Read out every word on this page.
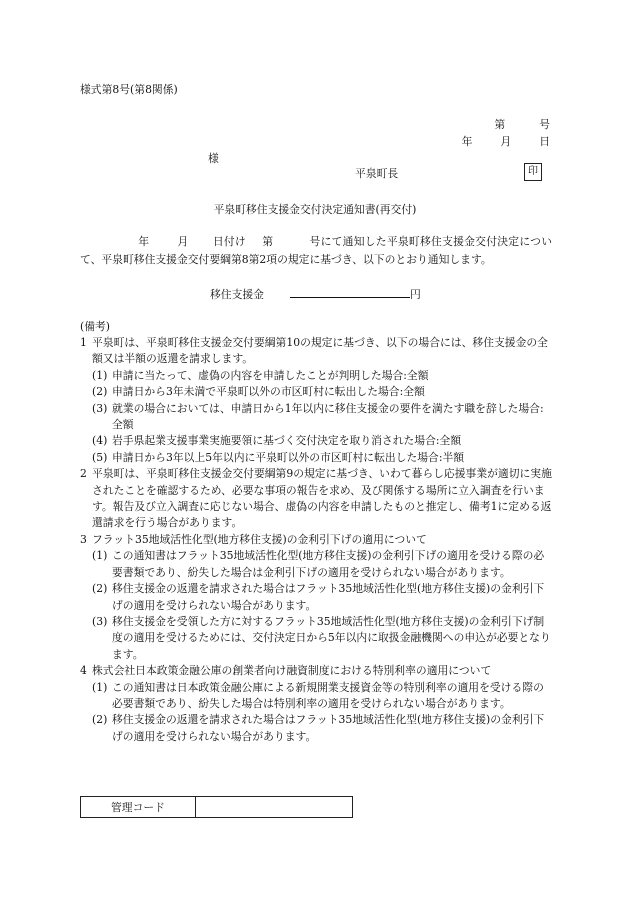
様式第8号(第8関係)
第	号
年	月	日
様
平泉町長	印
平泉町移住支援金交付決定通知書(再交付)
年	月 日付け 第	号にて通知した平泉町移住支援金交付決定について、平泉町移住支援金交付要綱第8第2項の規定に基づき、以下のとおり通知します。
移住支援金	円
(備考)
1 平泉町は、平泉町移住支援金交付要綱第10の規定に基づき、以下の場合には、移住支援金の全額又は半額の返還を請求します。
(1) 申請に当たって、虚偽の内容を申請したことが判明した場合:全額
(2) 申請日から3年未満で平泉町以外の市区町村に転出した場合:全額
(3) 就業の場合においては、申請日から1年以内に移住支援金の要件を満たす職を辞した場合:全額
(4) 岩手県起業支援事業実施要領に基づく交付決定を取り消された場合:全額
(5) 申請日から3年以上5年以内に平泉町以外の市区町村に転出した場合:半額
2 平泉町は、平泉町移住支援金交付要綱第9の規定に基づき、いわて暮らし応援事業が適切に実施されたことを確認するため、必要な事項の報告を求め、及び関係する場所に立入調査を行います。報告及び立入調査に応じない場合、虚偽の内容を申請したものと推定し、備考1に定める返還請求を行う場合があります。
3 フラット35地域活性化型(地方移住支援)の金利引下げの適用について
(1) この通知書はフラット35地域活性化型(地方移住支援)の金利引下げの適用を受ける際の必要書類であり、紛失した場合は金利引下げの適用を受けられない場合があります。
(2) 移住支援金の返還を請求された場合はフラット35地域活性化型(地方移住支援)の金利引下げの適用を受けられない場合があります。
(3) 移住支援金を受領した方に対するフラット35地域活性化型(地方移住支援)の金利引下げ制度の適用を受けるためには、交付決定日から5年以内に取扱金融機関への申込が必要となります。
4 株式会社日本政策金融公庫の創業者向け融資制度における特別利率の適用について
(1) この通知書は日本政策金融公庫による新規開業支援資金等の特別利率の適用を受ける際の必要書類であり、紛失した場合は特別利率の適用を受けられない場合があります。
(2) 移住支援金の返還を請求された場合はフラット35地域活性化型(地方移住支援)の金利引下げの適用を受けられない場合があります。
管理コード	
